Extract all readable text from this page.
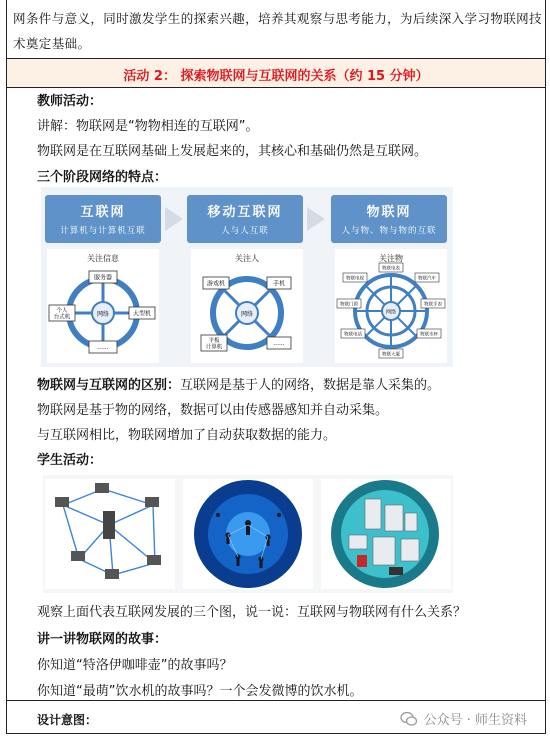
网条件与意义，同时激发学生的探索兴趣，培养其观察与思考能力，为后续深入学习物联网技术奠定基础。
活动 2： 探索物联网与互联网的关系（约 15 分钟）
教师活动：
讲解：物联网是“物物相连的互联网”。
物联网是在互联网基础上发展起来的，其核心和基础仍然是互联网。
三个阶段网络的特点：
互联网
计算机与计算机互联
移动互联网
人与人互联
物联网
人与物、物与物的互联
关注信息
网络
服务器
大型机
......
个人
台式机
关注人
网络
游戏机	手机
......
平板
计算机
关注物
网络
物联电表
物联汽车
物联手表
物联水杯
物联大厦
物联电话
物联门锁
物联电视
物联网与互联网的区别：互联网是基于人的网络，数据是靠人采集的。
物联网是基于物的网络，数据可以由传感器感知并自动采集。
与互联网相比，物联网增加了自动获取数据的能力。
学生活动：
观察上面代表互联网发展的三个图，说一说：互联网与物联网有什么关系？
讲一讲物联网的故事：
你知道“特洛伊咖啡壶”的故事吗？
你知道“最萌”饮水机的故事吗？一个会发微博的饮水机。
设计意图：	公众号 · 师生资料
